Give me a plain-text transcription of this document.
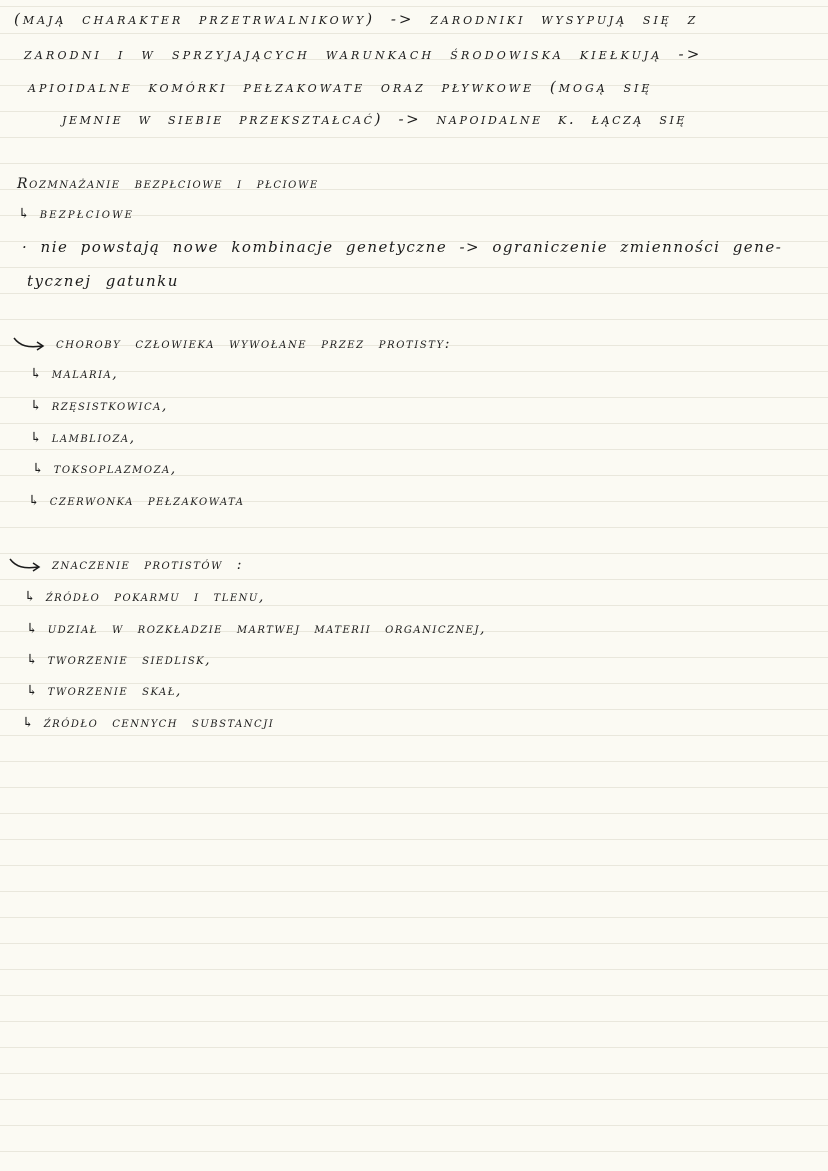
(mają charakter przetrwalnikowy) -> zarodniki wysypują się z
zarodni i w sprzyjających warunkach środowiska kiełkują ->
apioidalne komórki pełzakowate oraz pływkowe (mogą się
jemnie w siebie przekształcać) -> napoidalne k. łączą się
Rozmnażanie bezpłciowe i płciowe
↳ bezpłciowe
· nie powstają nowe kombinacje genetyczne -> ograniczenie zmienności gene-
tycznej gatunku
choroby człowieka wywołane przez protisty:
↳ malaria,
↳ rzęsistkowica,
↳ lamblioza,
↳ toksoplazmoza,
↳ czerwonka pełzakowata
znaczenie protistów :
↳ źródło pokarmu i tlenu,
↳ udział w rozkładzie martwej materii organicznej,
↳ tworzenie siedlisk,
↳ tworzenie skał,
↳ źródło cennych substancji
